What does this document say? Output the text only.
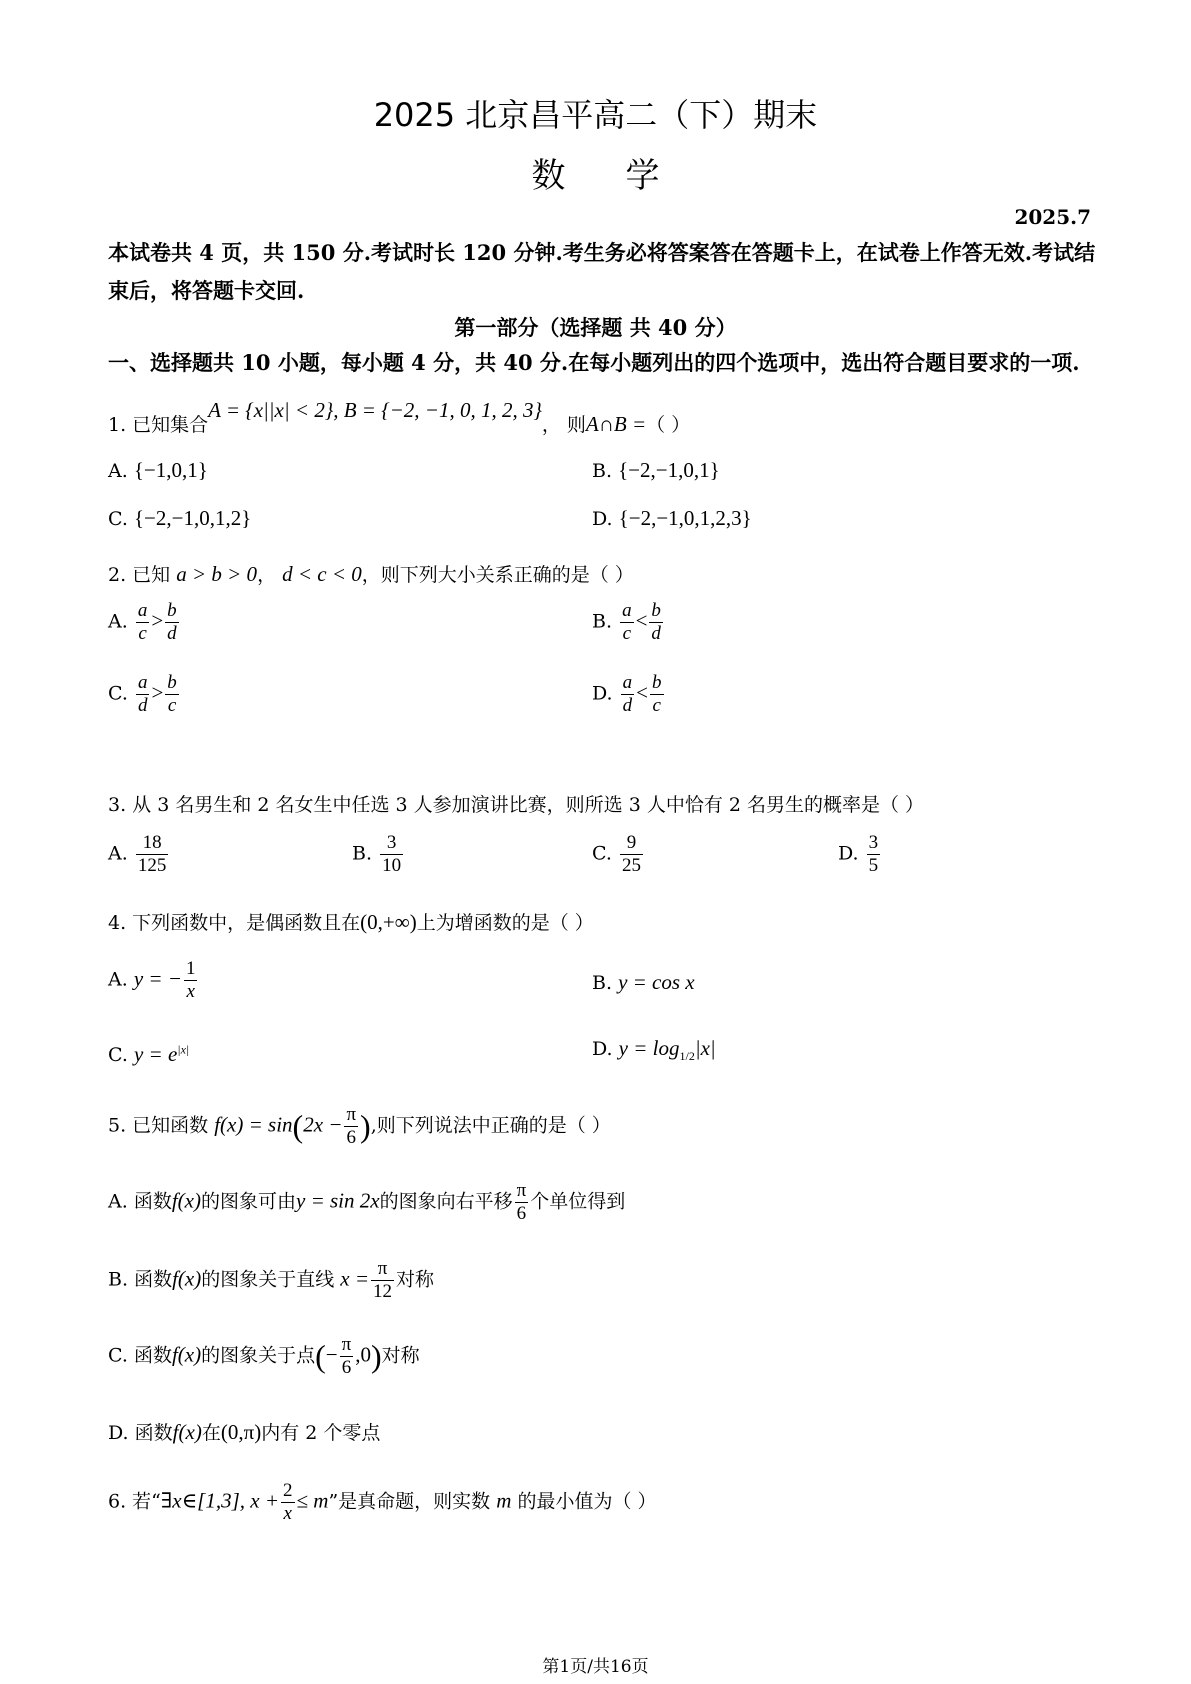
2025 北京昌平高二（下）期末
数学
2025.7
本试卷共 4 页，共 150 分.考试时长 120 分钟.考生务必将答案答在答题卡上，在试卷上作答无效.考试结束后，将答题卡交回.
第一部分（选择题 共 40 分）
一、选择题共 10 小题，每小题 4 分，共 40 分.在每小题列出的四个选项中，选出符合题目要求的一项.
1. 已知集合A = {x||x| < 2}, B = {−2, −1, 0, 1, 2, 3}， 则A∩B =（ ）
A. {−1,0,1}	B. {−2,−1,0,1}
C. {−2,−1,0,1,2}	D. {−2,−1,0,1,2,3}
2. 已知 a > b > 0， d < c < 0，则下列大小关系正确的是（ ）
A. $\frac{a}{c} > \frac{b}{d}$	B. $\frac{a}{c} < \frac{b}{d}$
C. $\frac{a}{d} > \frac{b}{c}$	D. $\frac{a}{d} < \frac{b}{c}$
3. 从 3 名男生和 2 名女生中任选 3 人参加演讲比赛，则所选 3 人中恰有 2 名男生的概率是（ ）
A. $\frac{18}{125}$	B. $\frac{3}{10}$	C. $\frac{9}{25}$	D. $\frac{3}{5}$
4. 下列函数中，是偶函数且在(0,+∞)上为增函数的是（ ）
A. y = − $\frac{1}{x}$	B. y = cos x
C. $y = e^{|x|}$	D. $y = \log_{1/2}|x|$
5. 已知函数 $f(x) = \sin(2x - \frac{\pi}{6}$ ),则下列说法中正确的是（ ）
A. 函数f(x)的图象可由y = sin 2x的图象向右平移 $\frac{\pi}{6}$ 个单位得到
B. 函数f(x)的图象关于直线 $x = \frac{\pi}{12}$ 对称
C. 函数f(x)的图象关于点(− $\frac{\pi}{6} ,0$)对称
D. 函数f(x)在(0,π)内有 2 个零点
6. 若“∃x∈[1,3], $x + \frac{2}{x} \le m$”是真命题，则实数 m 的最小值为（ ）
第1页/共16页
